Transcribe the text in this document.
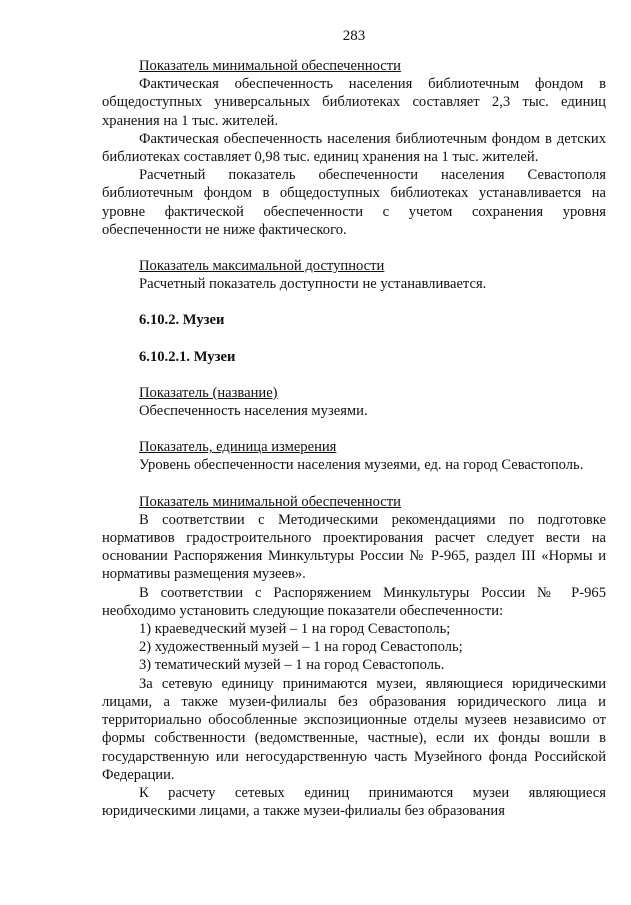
283

Показатель минимальной обеспеченности

Фактическая обеспеченность населения библиотечным фондом в общедоступных универсальных библиотеках составляет 2,3 тыс. единиц хранения на 1 тыс. жителей.

Фактическая обеспеченность населения библиотечным фондом в детских библиотеках составляет 0,98 тыс. единиц хранения на 1 тыс. жителей.

Расчетный показатель обеспеченности населения Севастополя библиотечным фондом в общедоступных библиотеках устанавливается на уровне фактической обеспеченности с учетом сохранения уровня обеспеченности не ниже фактического.

Показатель максимальной доступности

Расчетный показатель доступности не устанавливается.

6.10.2. Музеи

6.10.2.1. Музеи

Показатель (название)

Обеспеченность населения музеями.

Показатель, единица измерения

Уровень обеспеченности населения музеями, ед. на город Севастополь.

Показатель минимальной обеспеченности

В соответствии с Методическими рекомендациями по подготовке нормативов градостроительного проектирования расчет следует вести на основании Распоряжения Минкультуры России № Р-965, раздел III «Нормы и нормативы размещения музеев».

В соответствии с Распоряжением Минкультуры России № Р-965 необходимо установить следующие показатели обеспеченности:

1) краеведческий музей – 1 на город Севастополь;

2) художественный музей – 1 на город Севастополь;

3) тематический музей – 1 на город Севастополь.

За сетевую единицу принимаются музеи, являющиеся юридическими лицами, а также музеи-филиалы без образования юридического лица и территориально обособленные экспозиционные отделы музеев независимо от формы собственности (ведомственные, частные), если их фонды вошли в государственную или негосударственную часть Музейного фонда Российской Федерации.

К расчету сетевых единиц принимаются музеи являющиеся юридическими лицами, а также музеи-филиалы без образования
